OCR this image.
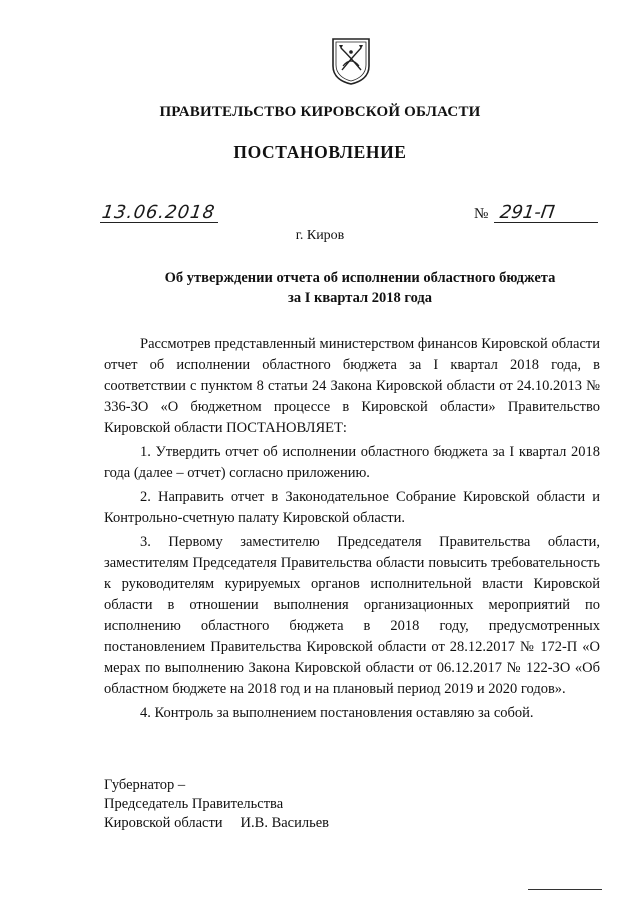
ПРАВИТЕЛЬСТВО КИРОВСКОЙ ОБЛАСТИ
ПОСТАНОВЛЕНИЕ
13.06.2018	№ 291-П
г. Киров
Об утверждении отчета об исполнении областного бюджета
за I квартал 2018 года

Рассмотрев представленный министерством финансов Кировской области отчет об исполнении областного бюджета за I квартал 2018 года, в соответствии с пунктом 8 статьи 24 Закона Кировской области от 24.10.2013 № 336-ЗО «О бюджетном процессе в Кировской области» Правительство Кировской области ПОСТАНОВЛЯЕТ:

1. Утвердить отчет об исполнении областного бюджета за I квартал 2018 года (далее – отчет) согласно приложению.

2. Направить отчет в Законодательное Собрание Кировской области и Контрольно-счетную палату Кировской области.

3. Первому заместителю Председателя Правительства области, заместителям Председателя Правительства области повысить требовательность к руководителям курируемых органов исполнительной власти Кировской области в отношении выполнения организационных мероприятий по исполнению областного бюджета в 2018 году, предусмотренных постановлением Правительства Кировской области от 28.12.2017 № 172-П «О мерах по выполнению Закона Кировской области от 06.12.2017 № 122-ЗО «Об областном бюджете на 2018 год и на плановый период 2019 и 2020 годов».

4. Контроль за выполнением постановления оставляю за собой.

Губернатор –
Председатель Правительства
Кировской области И.В. Васильев
